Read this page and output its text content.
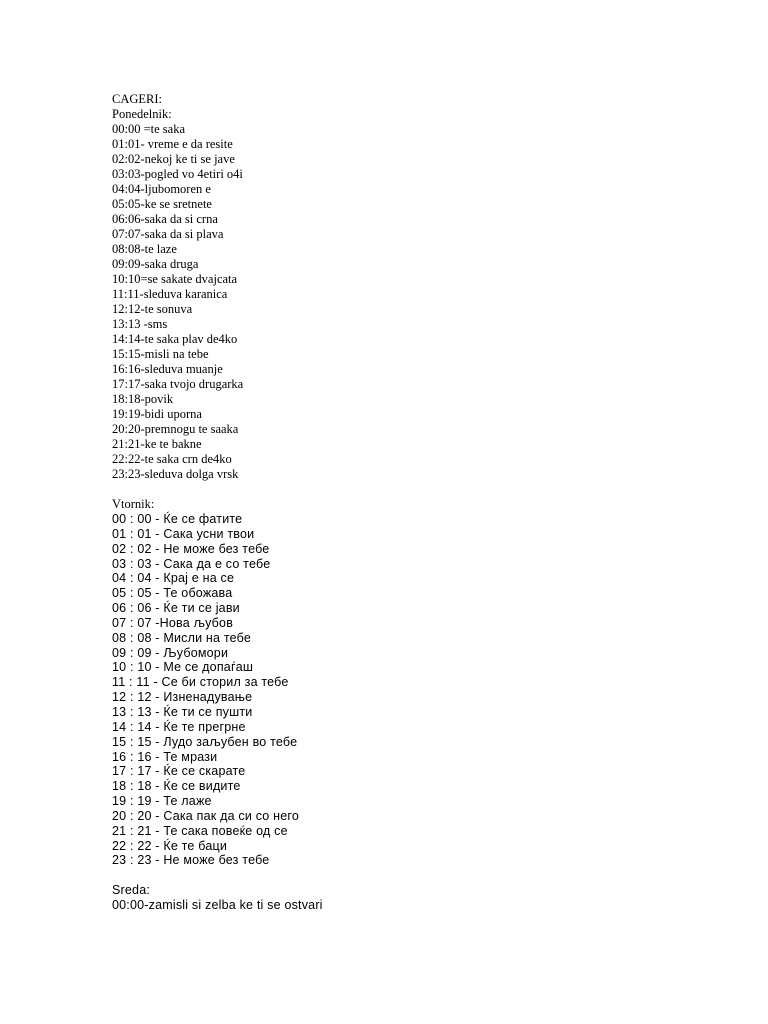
CAGERI:
Ponedelnik:
00:00 =te saka
01:01- vreme e da resite
02:02-nekoj ke ti se jave
03:03-pogled vo 4etiri o4i
04:04-ljubomoren e
05:05-ke se sretnete
06:06-saka da si crna
07:07-saka da si plava
08:08-te laze
09:09-saka druga
10:10=se sakate dvajcata
11:11-sleduva karanica
12:12-te sonuva
13:13 -sms
14:14-te saka plav de4ko
15:15-misli na tebe
16:16-sleduva muanje
17:17-saka tvojo drugarka
18:18-povik
19:19-bidi uporna
20:20-premnogu te saaka
21:21-ke te bakne
22:22-te saka crn de4ko
23:23-sleduva dolga vrsk
Vtornik:
00 : 00 - Ќе се фатите
01 : 01 - Сака усни твои
02 : 02 - Не може без тебе
03 : 03 - Сака да е со тебе
04 : 04 - Крај е на се
05 : 05 - Те обожава
06 : 06 - Ќе ти се јави
07 : 07 -Нова љубов
08 : 08 - Мисли на тебе
09 : 09 - Љубомори
10 : 10 - Ме се допаѓаш
11 : 11 - Се би сторил за тебе
12 : 12 - Изненадување
13 : 13 - Ќе ти се пушти
14 : 14 - Ќе те прегрне
15 : 15 - Лудо заљубен во тебе
16 : 16 - Те мрази
17 : 17 - Ќе се скарате
18 : 18 - Ќе се видите
19 : 19 - Те лаже
20 : 20 - Сака пак да си со него
21 : 21 - Те сака повеќе од се
22 : 22 - Ќе те баци
23 : 23 - Не може без тебе
Sreda:
00:00-zamisli si zelba ke ti se ostvari
